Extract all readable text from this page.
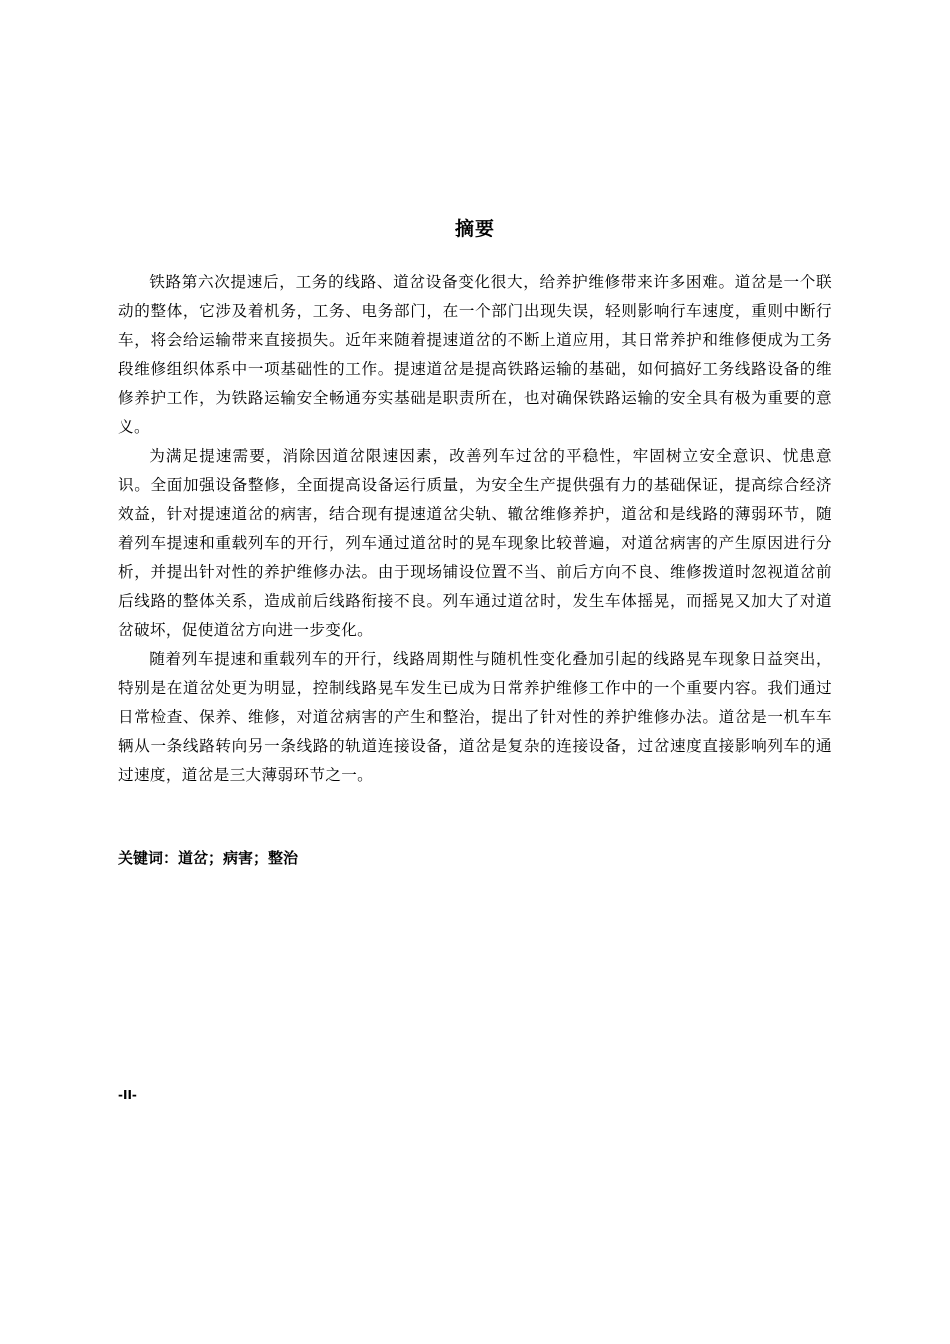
摘要

铁路第六次提速后，工务的线路、道岔设备变化很大，给养护维修带来许多困难。道岔是一个联动的整体，它涉及着机务，工务、电务部门，在一个部门出现失误，轻则影响行车速度，重则中断行车，将会给运输带来直接损失。近年来随着提速道岔的不断上道应用，其日常养护和维修便成为工务段维修组织体系中一项基础性的工作。提速道岔是提高铁路运输的基础，如何搞好工务线路设备的维修养护工作，为铁路运输安全畅通夯实基础是职责所在，也对确保铁路运输的安全具有极为重要的意义。

为满足提速需要，消除因道岔限速因素，改善列车过岔的平稳性，牢固树立安全意识、忧患意识。全面加强设备整修，全面提高设备运行质量，为安全生产提供强有力的基础保证，提高综合经济效益，针对提速道岔的病害，结合现有提速道岔尖轨、辙岔维修养护，道岔和是线路的薄弱环节，随着列车提速和重载列车的开行，列车通过道岔时的晃车现象比较普遍，对道岔病害的产生原因进行分析，并提出针对性的养护维修办法。由于现场铺设位置不当、前后方向不良、维修拨道时忽视道岔前后线路的整体关系，造成前后线路衔接不良。列车通过道岔时，发生车体摇晃，而摇晃又加大了对道岔破坏，促使道岔方向进一步变化。

随着列车提速和重载列车的开行，线路周期性与随机性变化叠加引起的线路晃车现象日益突出，特别是在道岔处更为明显，控制线路晃车发生已成为日常养护维修工作中的一个重要内容。我们通过日常检查、保养、维修，对道岔病害的产生和整治，提出了针对性的养护维修办法。道岔是一机车车辆从一条线路转向另一条线路的轨道连接设备，道岔是复杂的连接设备，过岔速度直接影响列车的通过速度，道岔是三大薄弱环节之一。

关键词：道岔；病害；整治
-II-
